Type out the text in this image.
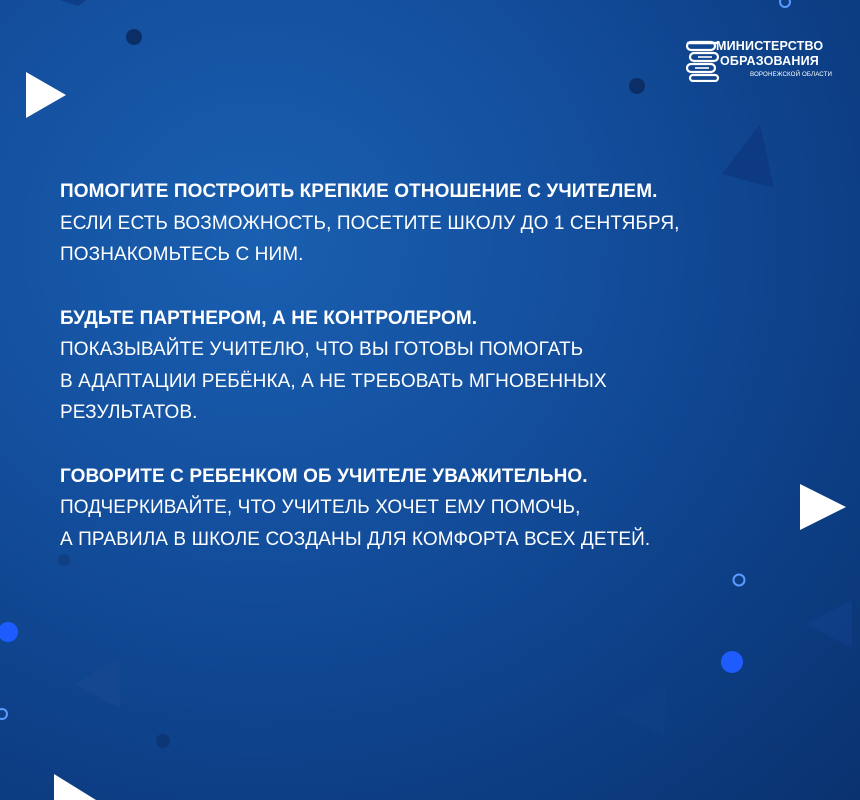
МИНИСТЕРСТВО
ОБРАЗОВАНИЯ
ВОРОНЕЖСКОЙ ОБЛАСТИ
ПОМОГИТЕ ПОСТРОИТЬ КРЕПКИЕ ОТНОШЕНИЕ С УЧИТЕЛЕМ.
ЕСЛИ ЕСТЬ ВОЗМОЖНОСТЬ, ПОСЕТИТЕ ШКОЛУ ДО 1 СЕНТЯБРЯ,
ПОЗНАКОМЬТЕСЬ С НИМ.
БУДЬТЕ ПАРТНЕРОМ, А НЕ КОНТРОЛЕРОМ.
ПОКАЗЫВАЙТЕ УЧИТЕЛЮ, ЧТО ВЫ ГОТОВЫ ПОМОГАТЬ
В АДАПТАЦИИ РЕБЁНКА, А НЕ ТРЕБОВАТЬ МГНОВЕННЫХ
РЕЗУЛЬТАТОВ.
ГОВОРИТЕ С РЕБЕНКОМ ОБ УЧИТЕЛЕ УВАЖИТЕЛЬНО.
ПОДЧЕРКИВАЙТЕ, ЧТО УЧИТЕЛЬ ХОЧЕТ ЕМУ ПОМОЧЬ,
А ПРАВИЛА В ШКОЛЕ СОЗДАНЫ ДЛЯ КОМФОРТА ВСЕХ ДЕТЕЙ.
